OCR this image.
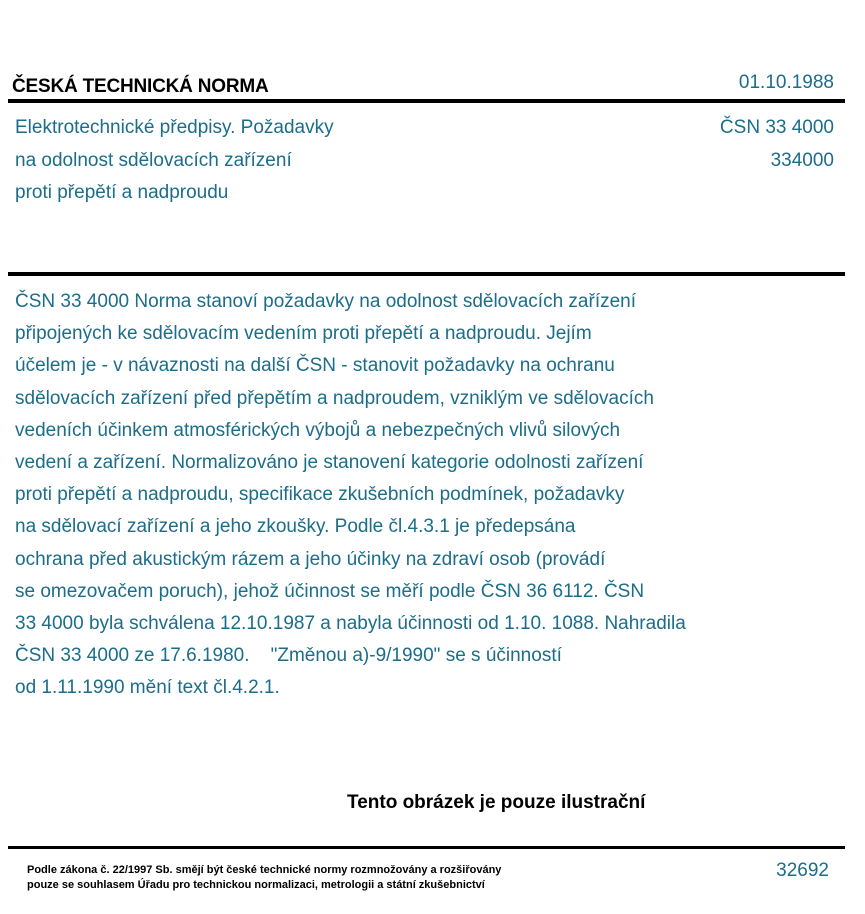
ČESKÁ TECHNICKÁ NORMA	01.10.1988
Elektrotechnické předpisy. Požadavky
na odolnost sdělovacích zařízení
proti přepětí a nadproudu
ČSN 33 4000
334000
ČSN 33 4000 Norma stanoví požadavky na odolnost sdělovacích zařízení
připojených ke sdělovacím vedením proti přepětí a nadproudu. Jejím
účelem je - v návaznosti na další ČSN - stanovit požadavky na ochranu
sdělovacích zařízení před přepětím a nadproudem, vzniklým ve sdělovacích
vedeních účinkem atmosférických výbojů a nebezpečných vlivů silových
vedení a zařízení. Normalizováno je stanovení kategorie odolnosti zařízení
proti přepětí a nadproudu, specifikace zkušebních podmínek, požadavky
na sdělovací zařízení a jeho zkoušky. Podle čl.4.3.1 je předepsána
ochrana před akustickým rázem a jeho účinky na zdraví osob (provádí
se omezovačem poruch), jehož účinnost se měří podle ČSN 36 6112. ČSN
33 4000 byla schválena 12.10.1987 a nabyla účinnosti od 1.10. 1088. Nahradila
ČSN 33 4000 ze 17.6.1980.    "Změnou a)-9/1990" se s účinností
od 1.11.1990 mění text čl.4.2.1.
Tento obrázek je pouze ilustrační
Podle zákona č. 22/1997 Sb. smějí být české technické normy rozmnožovány a rozšiřovány
pouze se souhlasem Úřadu pro technickou normalizaci, metrologii a státní zkušebnictví
32692
